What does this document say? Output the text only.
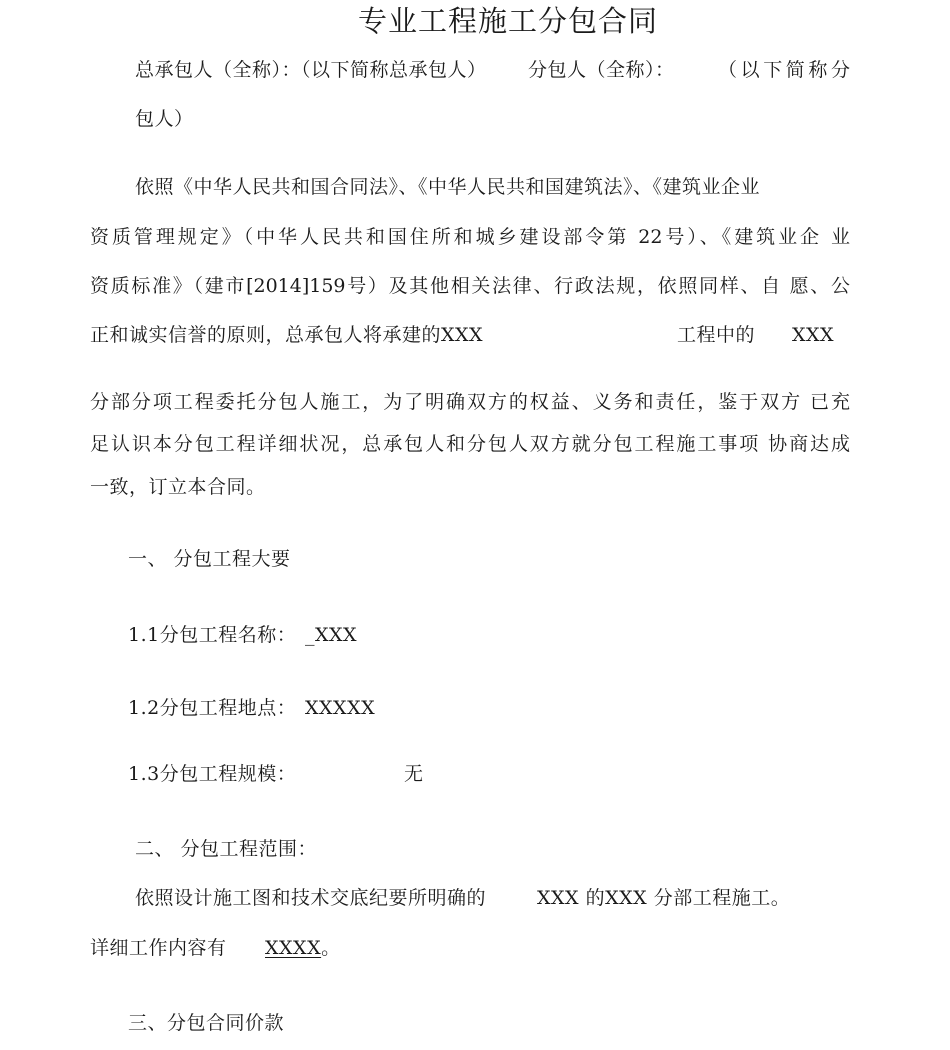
专业工程施工分包合同
总承包人（全称）：（以下简称总承包人） 分包人（全称）： （以下简称分
包人）
依照《中华人民共和国合同法》、《中华人民共和国建筑法》、《建筑业企业
资质管理规定》（中华人民共和国住所和城乡建设部令第 22号）、《建筑业企 业
资质标准》（建市[2014]159号）及其他相关法律、行政法规，依照同样、自 愿、公
正和诚实信誉的原则，总承包人将承建的XXX	工程中的 XXX
分部分项工程委托分包人施工，为了明确双方的权益、义务和责任，鉴于双方 已充
足认识本分包工程详细状况，总承包人和分包人双方就分包工程施工事项 协商达成
一致，订立本合同。
一、 分包工程大要
1.1分包工程名称： _XXX
1.2分包工程地点： XXXXX
1.3分包工程规模：	无
二、 分包工程范围：
依照设计施工图和技术交底纪要所明确的	XXX 的XXX 分部工程施工。
详细工作内容有 XXXX。
三、分包合同价款
